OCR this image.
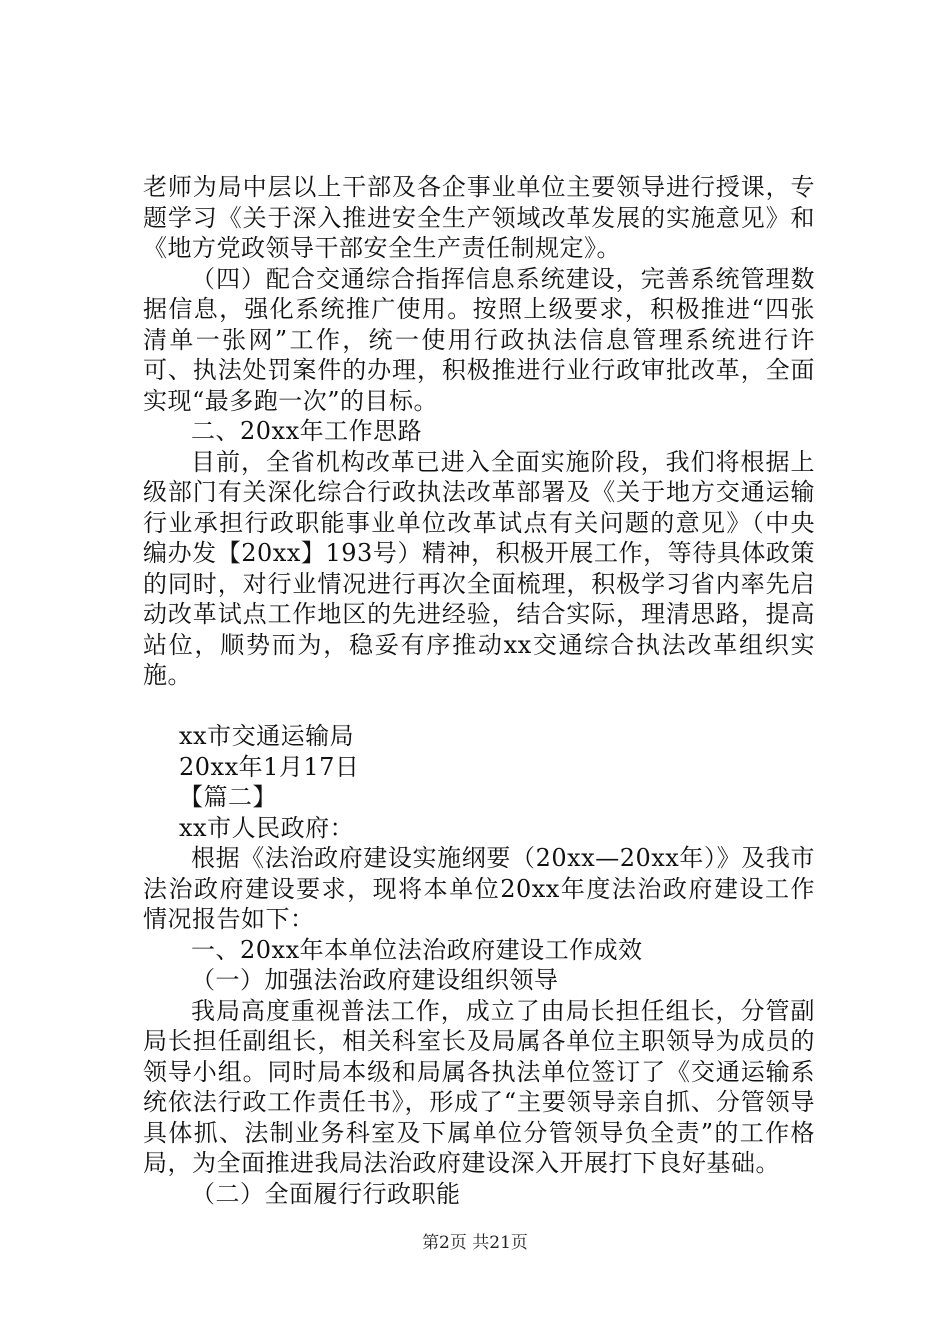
老师为局中层以上干部及各企事业单位主要领导进行授课，专题学习《关于深入推进安全生产领域改革发展的实施意见》和《地方党政领导干部安全生产责任制规定》。

（四）配合交通综合指挥信息系统建设，完善系统管理数据信息，强化系统推广使用。按照上级要求，积极推进“四张清单一张网”工作，统一使用行政执法信息管理系统进行许可、执法处罚案件的办理，积极推进行业行政审批改革，全面实现“最多跑一次”的目标。

二、20xx年工作思路

目前，全省机构改革已进入全面实施阶段，我们将根据上级部门有关深化综合行政执法改革部署及《关于地方交通运输行业承担行政职能事业单位改革试点有关问题的意见》（中央编办发【20xx】193号）精神，积极开展工作，等待具体政策的同时，对行业情况进行再次全面梳理，积极学习省内率先启动改革试点工作地区的先进经验，结合实际，理清思路，提高站位，顺势而为，稳妥有序推动xx交通综合执法改革组织实施。

xx市交通运输局

20xx年1月17日

【篇二】

xx市人民政府：

根据《法治政府建设实施纲要（20xx—20xx年）》及我市法治政府建设要求，现将本单位20xx年度法治政府建设工作情况报告如下：

一、20xx年本单位法治政府建设工作成效

（一）加强法治政府建设组织领导

我局高度重视普法工作，成立了由局长担任组长，分管副局长担任副组长，相关科室长及局属各单位主职领导为成员的领导小组。同时局本级和局属各执法单位签订了《交通运输系统依法行政工作责任书》，形成了“主要领导亲自抓、分管领导具体抓、法制业务科室及下属单位分管领导负全责”的工作格局，为全面推进我局法治政府建设深入开展打下良好基础。

（二）全面履行行政职能

第2页 共21页
